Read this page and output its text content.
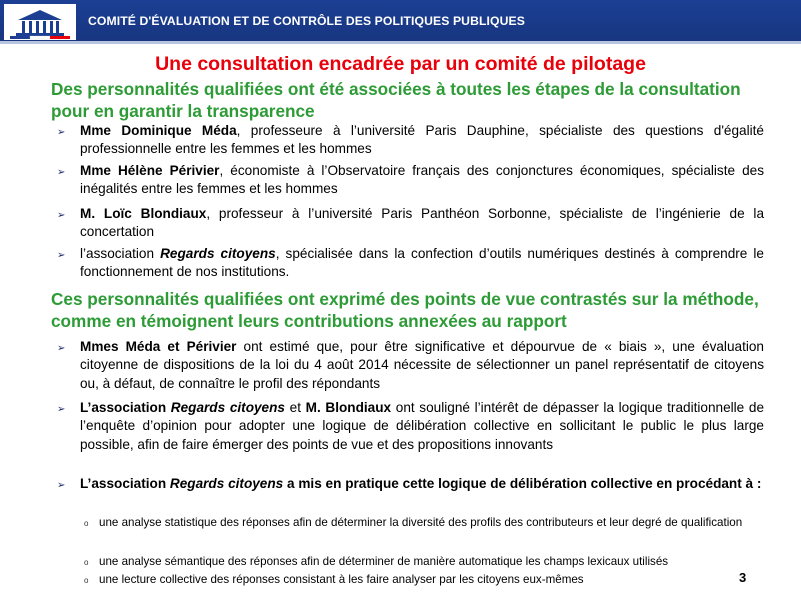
COMITÉ D'ÉVALUATION ET DE CONTRÔLE DES POLITIQUES PUBLIQUES
Une consultation encadrée par un comité de pilotage
Des personnalités qualifiées ont été associées à toutes les étapes de la consultation pour en garantir la transparence
➢ Mme Dominique Méda, professeure à l’université Paris Dauphine, spécialiste des questions d'égalité professionnelle entre les femmes et les hommes
➢ Mme Hélène Périvier, économiste à l’Observatoire français des conjonctures économiques, spécialiste des inégalités entre les femmes et les hommes
➢ M. Loïc Blondiaux, professeur à l’université Paris Panthéon Sorbonne, spécialiste de l’ingénierie de la concertation
➢ l’association Regards citoyens, spécialisée dans la confection d’outils numériques destinés à comprendre le fonctionnement de nos institutions.
Ces personnalités qualifiées ont exprimé des points de vue contrastés sur la méthode, comme en témoignent leurs contributions annexées au rapport
➢ Mmes Méda et Périvier ont estimé que, pour être significative et dépourvue de « biais », une évaluation citoyenne de dispositions de la loi du 4 août 2014 nécessite de sélectionner un panel représentatif de citoyens ou, à défaut, de connaître le profil des répondants
➢ L’association Regards citoyens et M. Blondiaux ont souligné l’intérêt de dépasser la logique traditionnelle de l’enquête d’opinion pour adopter une logique de délibération collective en sollicitant le public le plus large possible, afin de faire émerger des points de vue et des propositions innovants
➢ L’association Regards citoyens a mis en pratique cette logique de délibération collective en procédant à :
o une analyse statistique des réponses afin de déterminer la diversité des profils des contributeurs et leur degré de qualification
o une analyse sémantique des réponses afin de déterminer de manière automatique les champs lexicaux utilisés
o une lecture collective des réponses consistant à les faire analyser par les citoyens eux-mêmes	3
